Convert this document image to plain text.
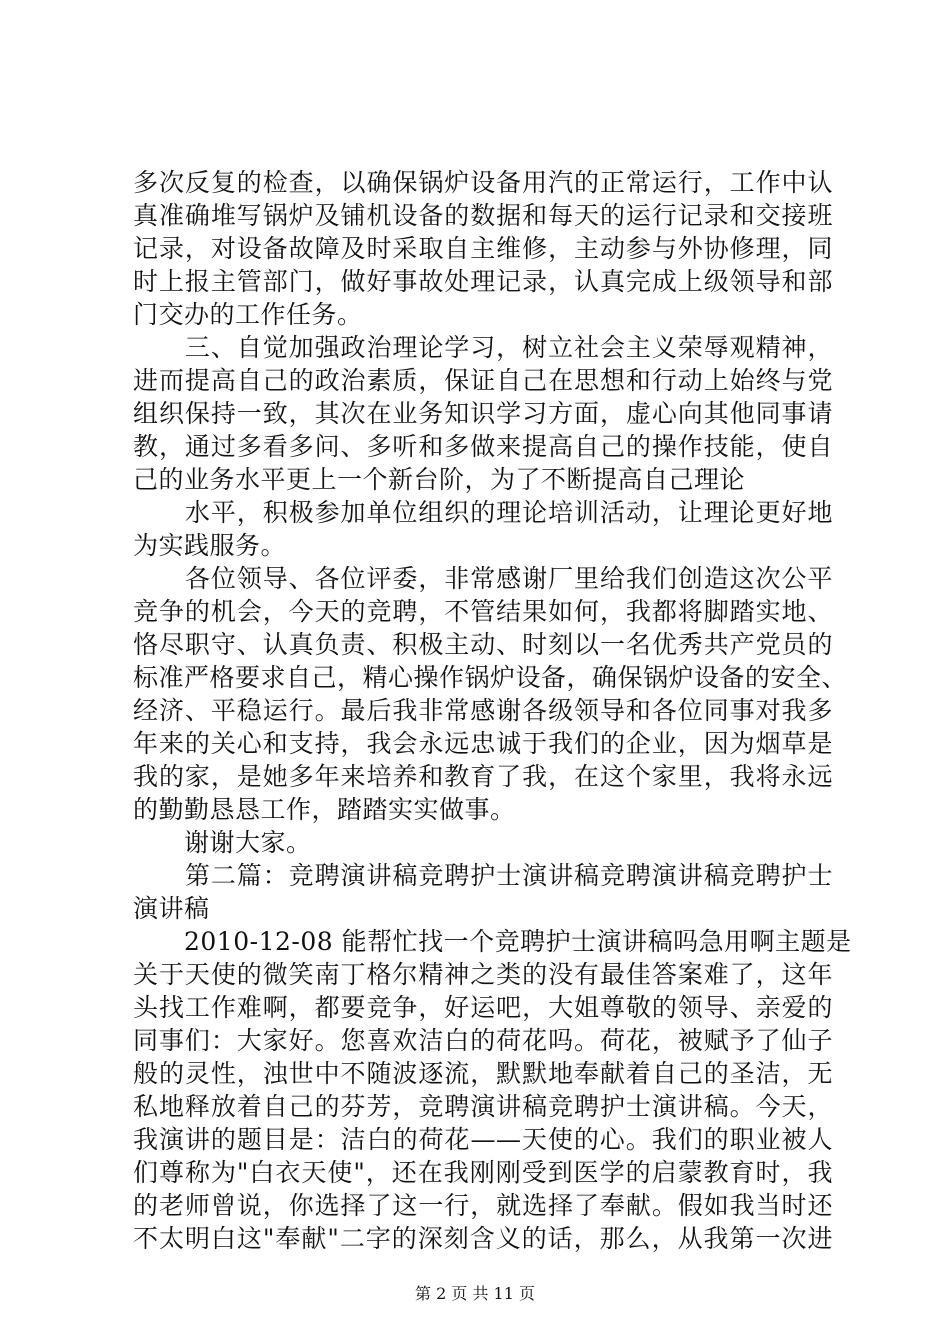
多次反复的检查，以确保锅炉设备用汽的正常运行，工作中认
真准确堆写锅炉及铺机设备的数据和每天的运行记录和交接班
记录，对设备故障及时采取自主维修，主动参与外协修理，同
时上报主管部门，做好事故处理记录，认真完成上级领导和部
门交办的工作任务。
　　三、自觉加强政治理论学习，树立社会主义荣辱观精神，
进而提高自己的政治素质，保证自己在思想和行动上始终与党
组织保持一致，其次在业务知识学习方面，虚心向其他同事请
教，通过多看多问、多听和多做来提高自己的操作技能，使自
己的业务水平更上一个新台阶，为了不断提高自己理论
　　水平，积极参加单位组织的理论培训活动，让理论更好地
为实践服务。
　　各位领导、各位评委，非常感谢厂里给我们创造这次公平
竞争的机会，今天的竞聘，不管结果如何，我都将脚踏实地、
恪尽职守、认真负责、积极主动、时刻以一名优秀共产党员的
标准严格要求自己，精心操作锅炉设备，确保锅炉设备的安全、
经济、平稳运行。最后我非常感谢各级领导和各位同事对我多
年来的关心和支持，我会永远忠诚于我们的企业，因为烟草是
我的家，是她多年来培养和教育了我，在这个家里，我将永远
的勤勤恳恳工作，踏踏实实做事。
　　谢谢大家。
　　第二篇：竞聘演讲稿竞聘护士演讲稿竞聘演讲稿竞聘护士
演讲稿
　　2010-12-08 能帮忙找一个竞聘护士演讲稿吗急用啊主题是
关于天使的微笑南丁格尔精神之类的没有最佳答案难了，这年
头找工作难啊，都要竞争，好运吧，大姐尊敬的领导、亲爱的
同事们：大家好。您喜欢洁白的荷花吗。荷花，被赋予了仙子
般的灵性，浊世中不随波逐流，默默地奉献着自己的圣洁，无
私地释放着自己的芬芳，竞聘演讲稿竞聘护士演讲稿。今天，
我演讲的题目是：洁白的荷花——天使的心。我们的职业被人
们尊称为"白衣天使"，还在我刚刚受到医学的启蒙教育时，我
的老师曾说，你选择了这一行，就选择了奉献。假如我当时还
不太明白这"奉献"二字的深刻含义的话，那么，从我第一次进
第 2 页 共 11 页
